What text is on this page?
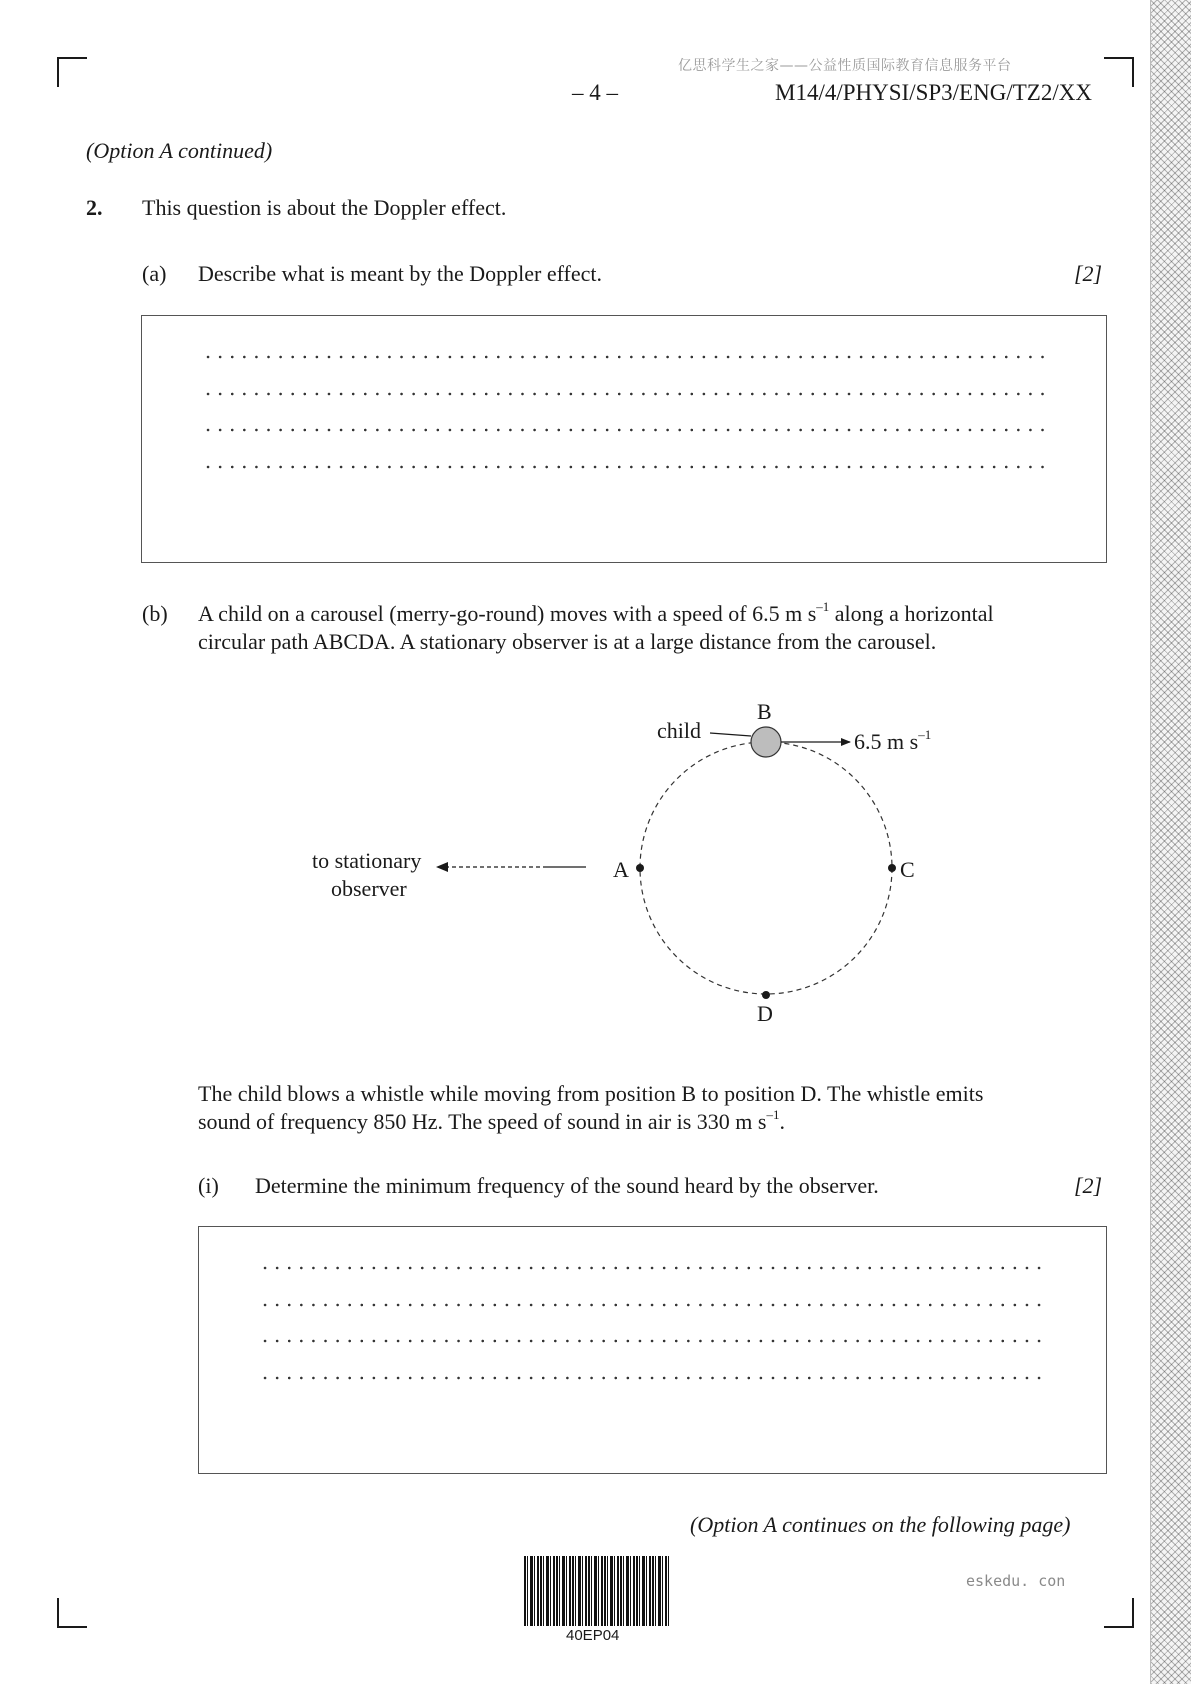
亿思科学生之家——公益性质国际教育信息服务平台
– 4 –	M14/4/PHYSI/SP3/ENG/TZ2/XX
(Option A continued)
2. This question is about the Doppler effect.
(a) Describe what is meant by the Doppler effect.	[2]
(b) A child on a carousel (merry-go-round) moves with a speed of 6.5 m $s^{-1}$ along a horizontal
circular path ABCDA. A stationary observer is at a large distance from the carousel.
B
child	6.5 m $s^{-1}$
A	C
D
to stationary
observer
The child blows a whistle while moving from position B to position D. The whistle emits
sound of frequency 850 Hz. The speed of sound in air is 330 m $s^{-1}$.
(i) Determine the minimum frequency of the sound heard by the observer.	[2]
(Option A continues on the following page)
40EP04
eskedu. con
